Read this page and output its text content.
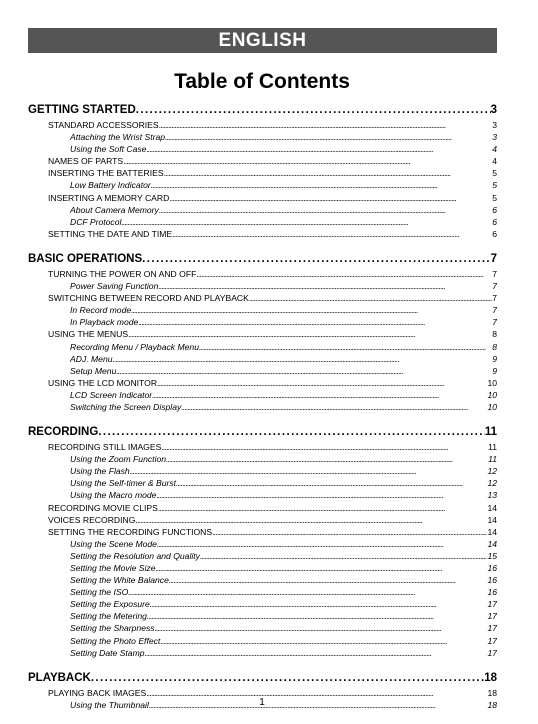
ENGLISH
Table of Contents
GETTING STARTED . . .	3
STANDARD ACCESSORIES . . .	3
Attaching the Wrist Strap . . .	3
Using the Soft Case . . .	4
NAMES OF PARTS . . .	4
INSERTING THE BATTERIES . . .	5
Low Battery Indicator . . .	5
INSERTING A MEMORY CARD . . .	5
About Camera Memory . . .	6
DCF Protocol . . .	6
SETTING THE DATE AND TIME . . .	6
BASIC OPERATIONS . . .	7
TURNING THE POWER ON AND OFF . . .	7
Power Saving Function . . .	7
SWITCHING BETWEEN RECORD AND PLAYBACK . . .	7
In Record mode . . .	7
In Playback mode . . .	7
USING THE MENUS . . .	8
Recording Menu / Playback Menu . . .	8
ADJ. Menu . . .	9
Setup Menu . . .	9
USING THE LCD MONITOR . . .	10
LCD Screen Indicator . . .	10
Switching the Screen Display . . .	10
RECORDING . . .	11
RECORDING STILL IMAGES . . .	11
Using the Zoom Function . . .	11
Using the Flash . . .	12
Using the Self-timer & Burst . . .	12
Using the Macro mode . . .	13
RECORDING MOVIE CLIPS . . .	14
VOICES RECORDING . . .	14
SETTING THE RECORDING FUNCTIONS . . .	14
Using the Scene Mode . . .	14
Setting the Resolution and Quality . . .	15
Setting the Movie Size . . .	16
Setting the White Balance . . .	16
Setting the ISO . . .	16
Setting the Exposure . . .	17
Setting the Metering . . .	17
Setting the Sharpness . . .	17
Setting the Photo Effect . . .	17
Setting Date Stamp . . .	17
PLAYBACK . . .	18
PLAYING BACK IMAGES . . .	18
Using the Thumbnail . . .	18
1
